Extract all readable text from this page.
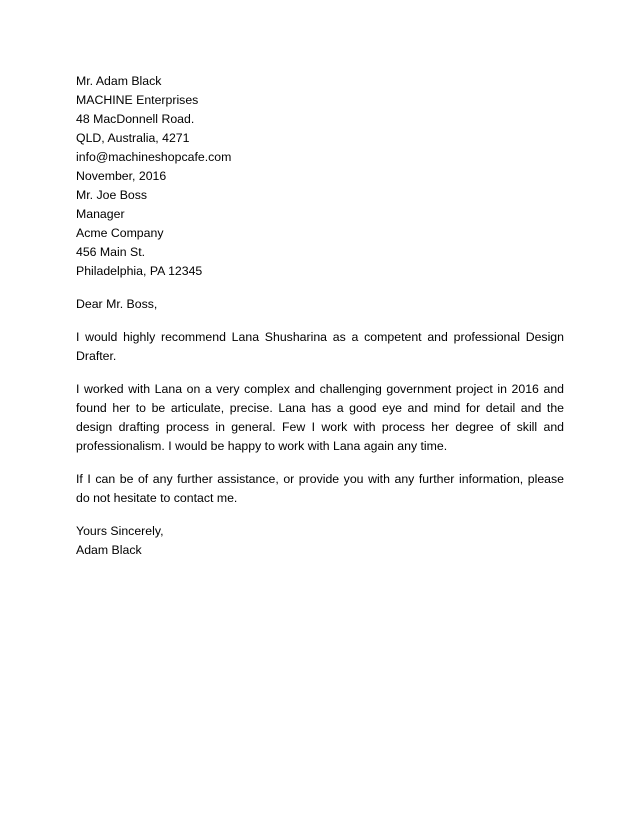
Mr. Adam Black
MACHINE Enterprises
48 MacDonnell Road.
QLD, Australia, 4271
info@machineshopcafe.com
November, 2016
Mr. Joe Boss
Manager
Acme Company
456 Main St.
Philadelphia, PA 12345

Dear Mr. Boss,

I would highly recommend Lana Shusharina as a competent and professional Design Drafter.

I worked with Lana on a very complex and challenging government project in 2016 and found her to be articulate, precise. Lana has a good eye and mind for detail and the design drafting process in general. Few I work with process her degree of skill and professionalism. I would be happy to work with Lana again any time.

If I can be of any further assistance, or provide you with any further information, please do not hesitate to contact me.

Yours Sincerely,
Adam Black
